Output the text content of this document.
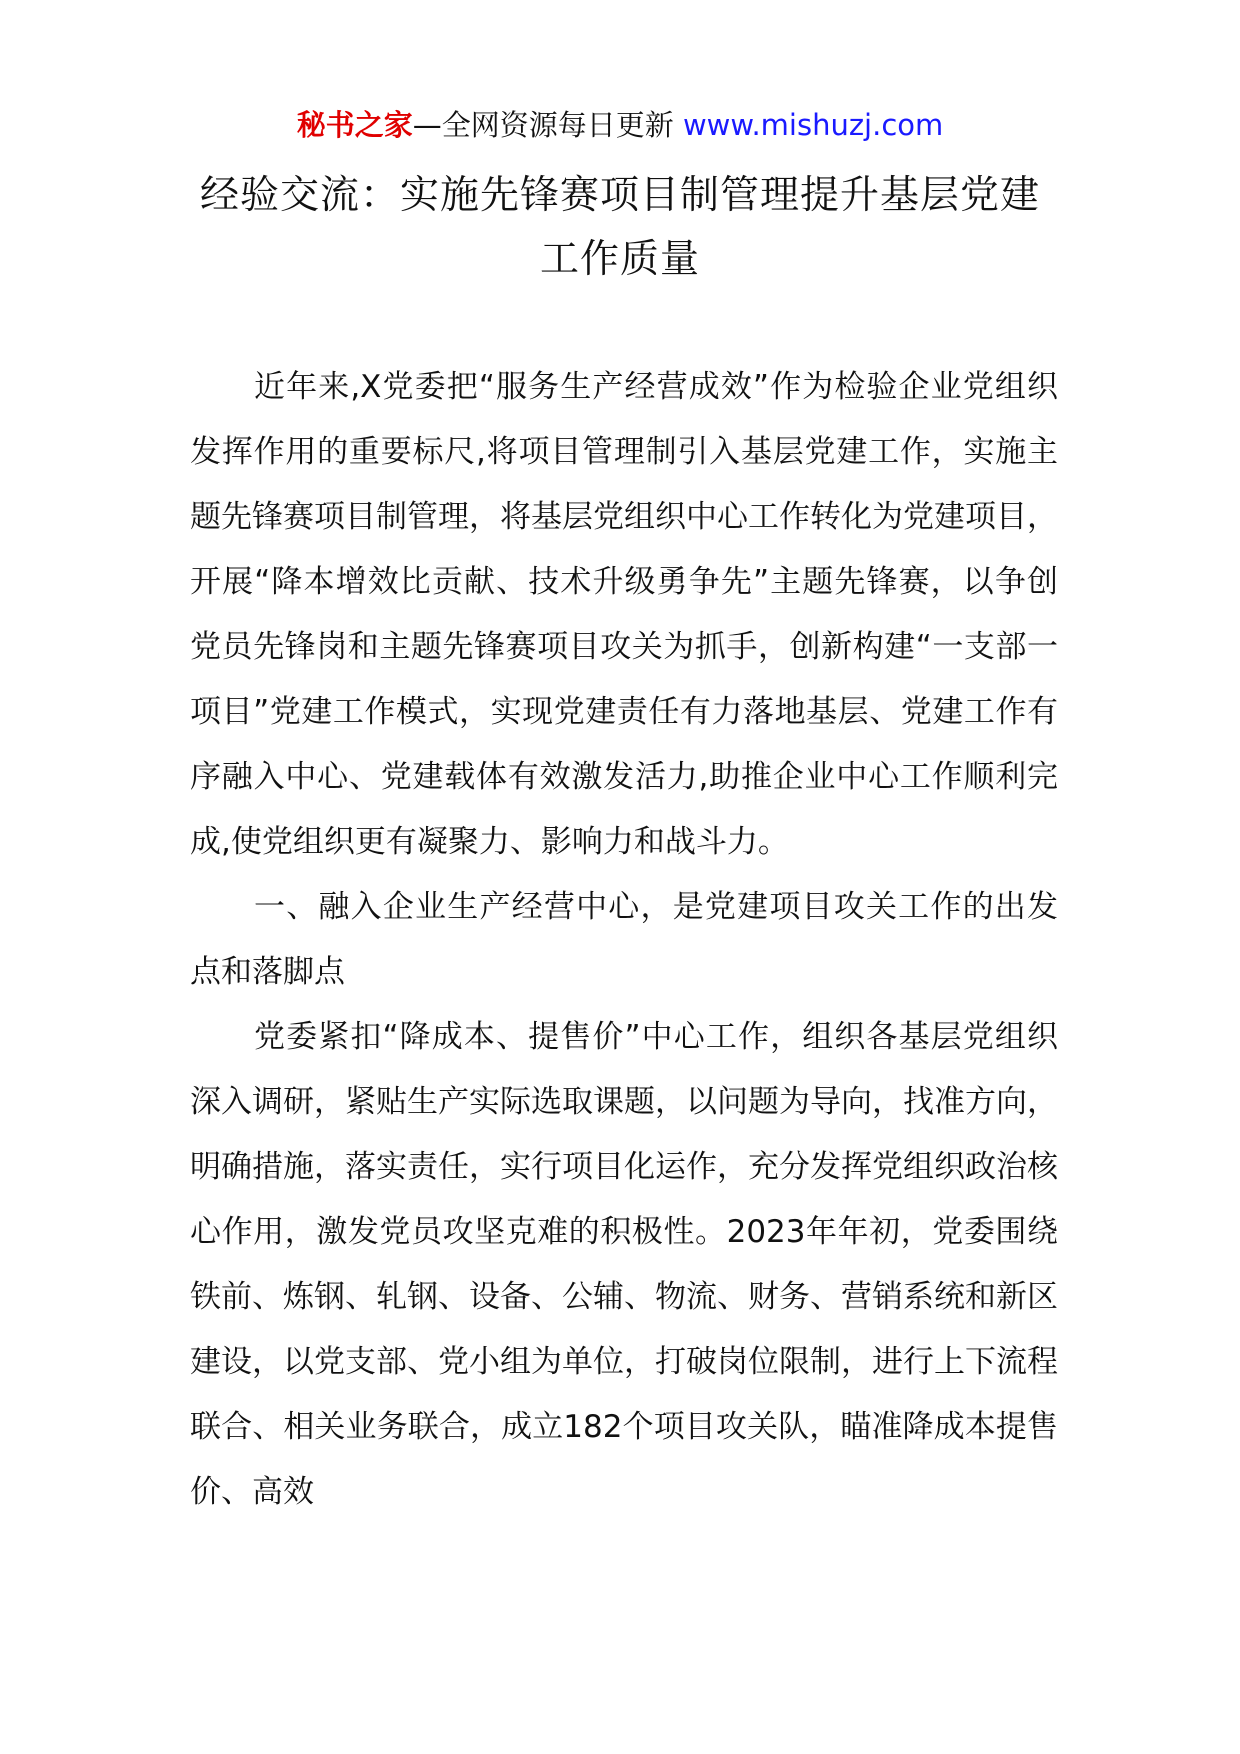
秘书之家—全网资源每日更新 www.mishuzj.com
经验交流：实施先锋赛项目制管理提升基层党建工作质量

近年来,X党委把“服务生产经营成效”作为检验企业党组织发挥作用的重要标尺,将项目管理制引入基层党建工作，实施主题先锋赛项目制管理，将基层党组织中心工作转化为党建项目，开展“降本增效比贡献、技术升级勇争先”主题先锋赛，以争创党员先锋岗和主题先锋赛项目攻关为抓手，创新构建“一支部一项目”党建工作模式，实现党建责任有力落地基层、党建工作有序融入中心、党建载体有效激发活力,助推企业中心工作顺利完成,使党组织更有凝聚力、影响力和战斗力。

一、融入企业生产经营中心，是党建项目攻关工作的出发点和落脚点

党委紧扣“降成本、提售价”中心工作，组织各基层党组织深入调研，紧贴生产实际选取课题，以问题为导向，找准方向，明确措施，落实责任，实行项目化运作，充分发挥党组织政治核心作用，激发党员攻坚克难的积极性。2023年年初，党委围绕铁前、炼钢、轧钢、设备、公辅、物流、财务、营销系统和新区建设，以党支部、党小组为单位，打破岗位限制，进行上下流程联合、相关业务联合，成立182个项目攻关队，瞄准降成本提售价、高效
